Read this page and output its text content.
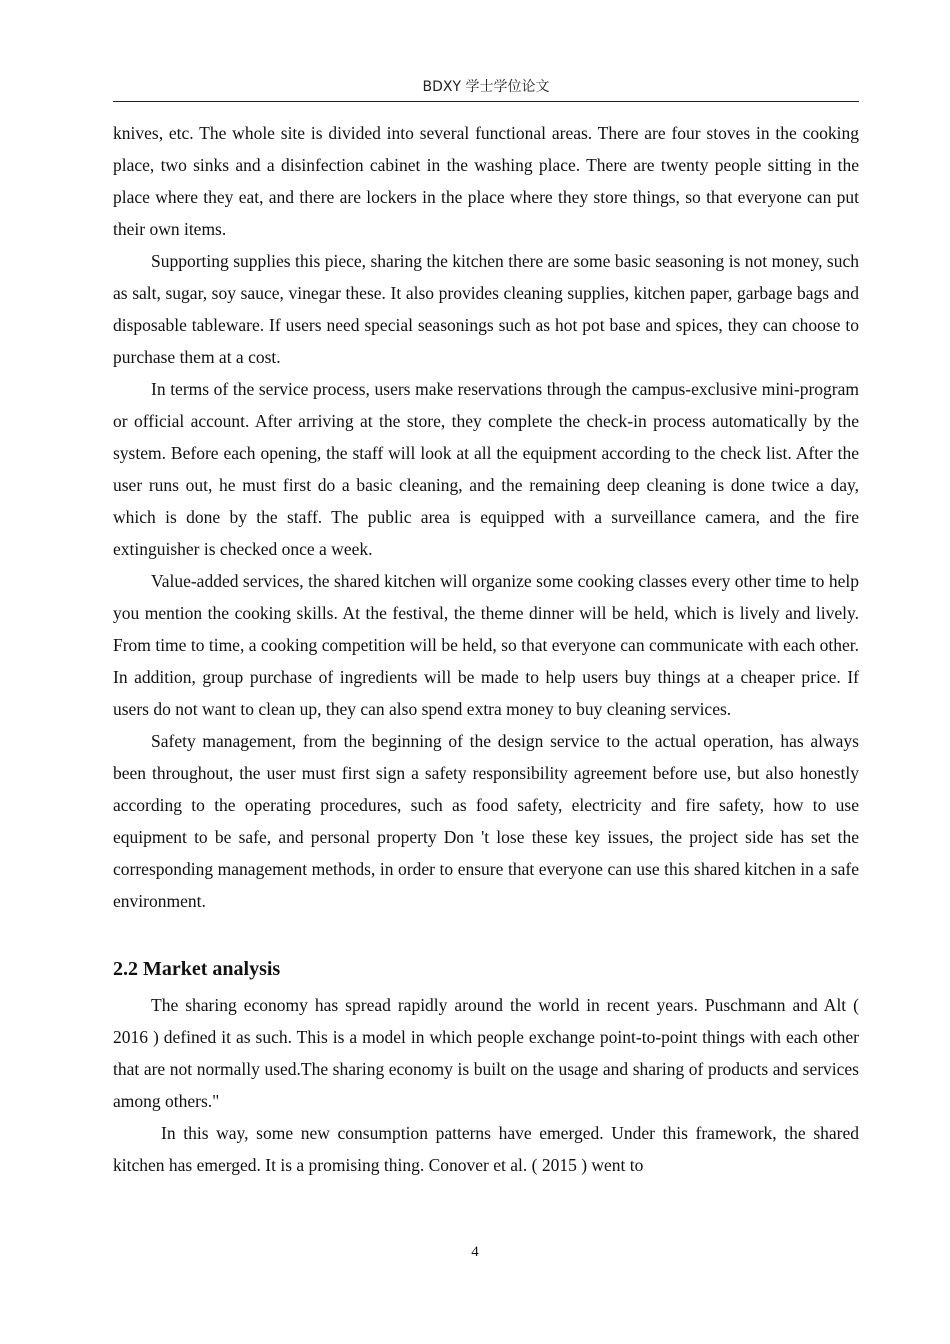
BDXY 学士学位论文

knives, etc. The whole site is divided into several functional areas. There are four stoves in the cooking place, two sinks and a disinfection cabinet in the washing place. There are twenty people sitting in the place where they eat, and there are lockers in the place where they store things, so that everyone can put their own items.

Supporting supplies this piece, sharing the kitchen there are some basic seasoning is not money, such as salt, sugar, soy sauce, vinegar these. It also provides cleaning supplies, kitchen paper, garbage bags and disposable tableware. If users need special seasonings such as hot pot base and spices, they can choose to purchase them at a cost.

In terms of the service process, users make reservations through the campus-exclusive mini-program or official account. After arriving at the store, they complete the check-in process automatically by the system. Before each opening, the staff will look at all the equipment according to the check list. After the user runs out, he must first do a basic cleaning, and the remaining deep cleaning is done twice a day, which is done by the staff. The public area is equipped with a surveillance camera, and the fire extinguisher is checked once a week.

Value-added services, the shared kitchen will organize some cooking classes every other time to help you mention the cooking skills. At the festival, the theme dinner will be held, which is lively and lively. From time to time, a cooking competition will be held, so that everyone can communicate with each other. In addition, group purchase of ingredients will be made to help users buy things at a cheaper price. If users do not want to clean up, they can also spend extra money to buy cleaning services.

Safety management, from the beginning of the design service to the actual operation, has always been throughout, the user must first sign a safety responsibility agreement before use, but also honestly according to the operating procedures, such as food safety, electricity and fire safety, how to use equipment to be safe, and personal property Don 't lose these key issues, the project side has set the corresponding management methods, in order to ensure that everyone can use this shared kitchen in a safe environment.

2.2 Market analysis

The sharing economy has spread rapidly around the world in recent years. Puschmann and Alt ( 2016 ) defined it as such. This is a model in which people exchange point-to-point things with each other that are not normally used.The sharing economy is built on the usage and sharing of products and services among others."

In this way, some new consumption patterns have emerged. Under this framework, the shared kitchen has emerged. It is a promising thing. Conover et al. ( 2015 ) went to

4
